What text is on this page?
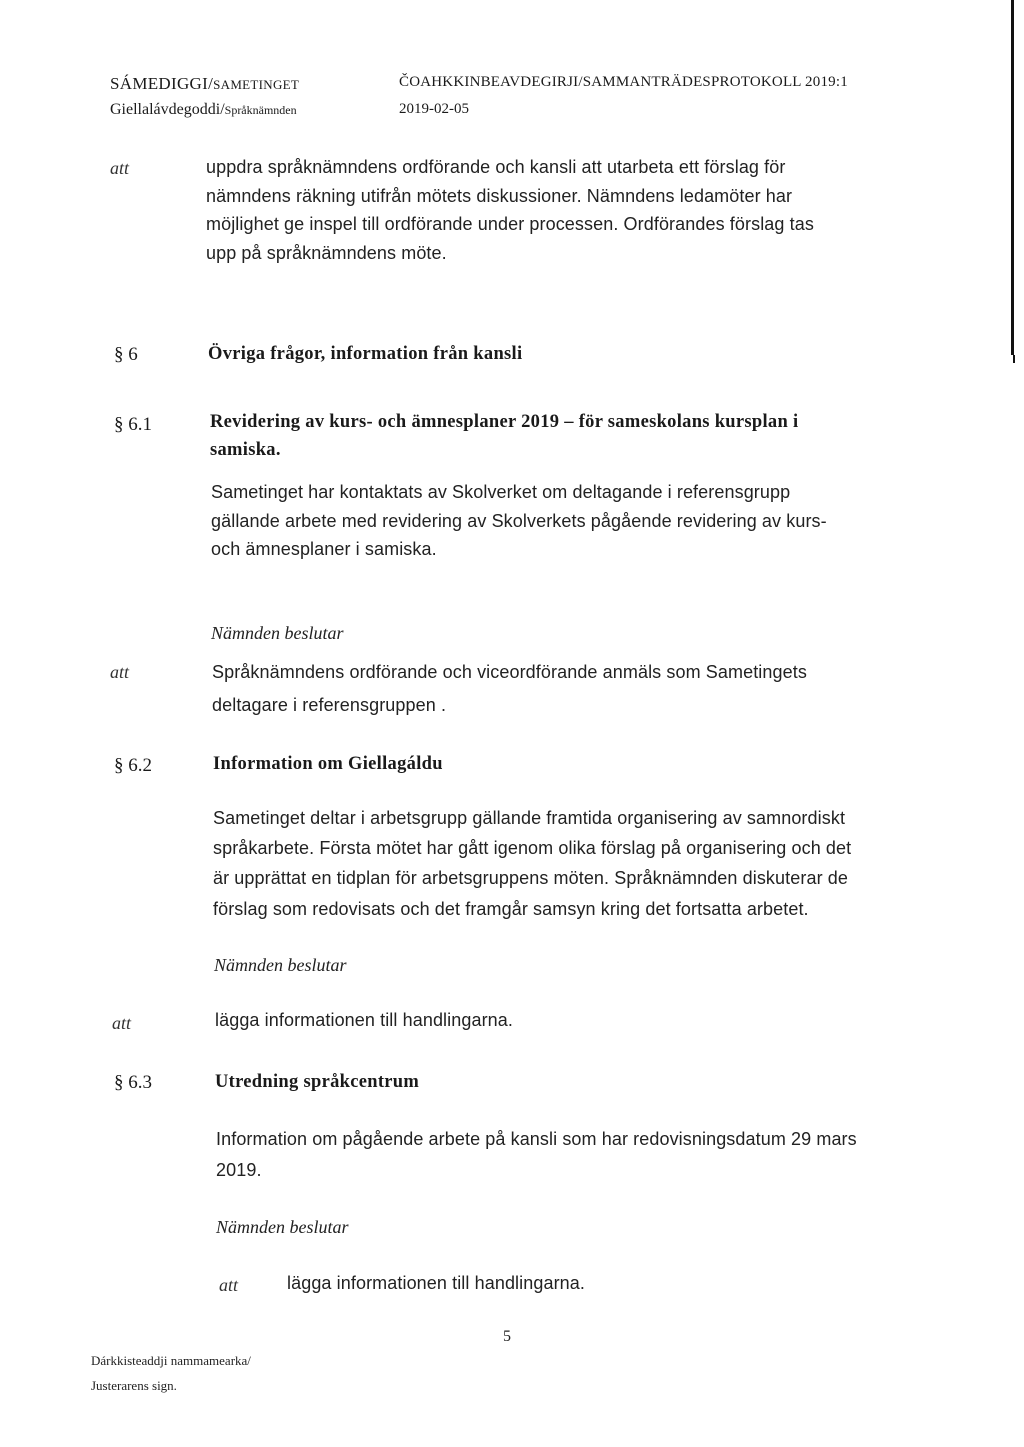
SÁMEDIGGI/SAMETINGET
Giellalávdegoddi/Språknämnden
ČOAHKKINBEAVDEGIRJI/SAMMANTRÄDESPROTOKOLL 2019:1
2019-02-05
att	uppdra språknämndens ordförande och kansli att utarbeta ett förslag för
nämndens räkning utifrån mötets diskussioner. Nämndens ledamöter har
möjlighet ge inspel till ordförande under processen. Ordförandes förslag tas
upp på språknämndens möte.
§ 6	Övriga frågor, information från kansli
§ 6.1	Revidering av kurs- och ämnesplaner 2019 – för sameskolans kursplan i
samiska.
Sametinget har kontaktats av Skolverket om deltagande i referensgrupp
gällande arbete med revidering av Skolverkets pågående revidering av kurs-
och ämnesplaner i samiska.
Nämnden beslutar
att	Språknämndens ordförande och viceordförande anmäls som Sametingets
deltagare i referensgruppen .
§ 6.2	Information om Giellagáldu
Sametinget deltar i arbetsgrupp gällande framtida organisering av samnordiskt
språkarbete. Första mötet har gått igenom olika förslag på organisering och det
är upprättat en tidplan för arbetsgruppens möten. Språknämnden diskuterar de
förslag som redovisats och det framgår samsyn kring det fortsatta arbetet.
Nämnden beslutar
att	lägga informationen till handlingarna.
§ 6.3	Utredning språkcentrum
Information om pågående arbete på kansli som har redovisningsdatum 29 mars
2019.
Nämnden beslutar
att	lägga informationen till handlingarna.
5
Dárkkisteaddji nammamearka/
Justerarens sign.
